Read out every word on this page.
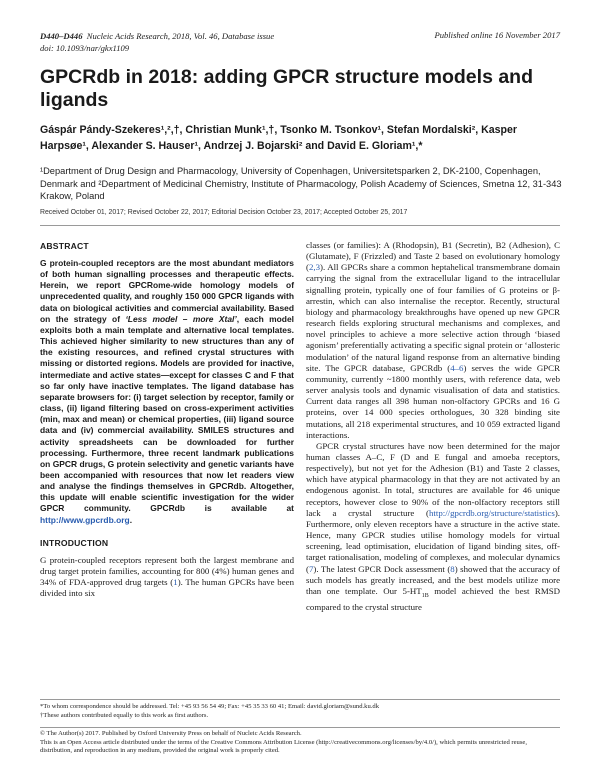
D440–D446 Nucleic Acids Research, 2018, Vol. 46, Database issue
doi: 10.1093/nar/gkx1109
Published online 16 November 2017
GPCRdb in 2018: adding GPCR structure models and ligands
Gáspár Pándy-Szekeres¹,²,†, Christian Munk¹,†, Tsonko M. Tsonkov¹, Stefan Mordalski², Kasper Harpsøe¹, Alexander S. Hauser¹, Andrzej J. Bojarski² and David E. Gloriam¹,*
¹Department of Drug Design and Pharmacology, University of Copenhagen, Universitetsparken 2, DK-2100, Copenhagen, Denmark and ²Department of Medicinal Chemistry, Institute of Pharmacology, Polish Academy of Sciences, Smetna 12, 31-343 Krakow, Poland
Received October 01, 2017; Revised October 22, 2017; Editorial Decision October 23, 2017; Accepted October 25, 2017
ABSTRACT

G protein-coupled receptors are the most abundant mediators of both human signalling processes and therapeutic effects. Herein, we report GPCRome-wide homology models of unprecedented quality, and roughly 150 000 GPCR ligands with data on biological activities and commercial availability. Based on the strategy of ‘Less model – more Xtal’, each model exploits both a main template and alternative local templates. This achieved higher similarity to new structures than any of the existing resources, and refined crystal structures with missing or distorted regions. Models are provided for inactive, intermediate and active states—except for classes C and F that so far only have inactive templates. The ligand database has separate browsers for: (i) target selection by receptor, family or class, (ii) ligand filtering based on cross-experiment activities (min, max and mean) or chemical properties, (iii) ligand source data and (iv) commercial availability. SMILES structures and activity spreadsheets can be downloaded for further processing. Furthermore, three recent landmark publications on GPCR drugs, G protein selectivity and genetic variants have been accompanied with resources that now let readers view and analyse the findings themselves in GPCRdb. Altogether, this update will enable scientific investigation for the wider GPCR community. GPCRdb is available at http://www.gpcrdb.org.

INTRODUCTION

G protein-coupled receptors represent both the largest membrane and drug target protein families, accounting for 800 (4%) human genes and 34% of FDA-approved drug targets (1). The human GPCRs have been divided into six

classes (or families): A (Rhodopsin), B1 (Secretin), B2 (Adhesion), C (Glutamate), F (Frizzled) and Taste 2 based on evolutionary homology (2,3). All GPCRs share a common heptahelical transmembrane domain carrying the signal from the extracellular ligand to the intracellular signalling protein, typically one of four families of G proteins or β-arrestin, which can also internalise the receptor. Recently, structural biology and pharmacology breakthroughs have opened up new GPCR research fields exploring structural mechanisms and complexes, and novel principles to achieve a more selective action through ‘biased agonism’ preferentially activating a specific signal protein or ‘allosteric modulation’ of the natural ligand response from an alternative binding site. The GPCR database, GPCRdb (4–6) serves the wide GPCR community, currently ~1800 monthly users, with reference data, web server analysis tools and dynamic visualisation of data and statistics. Current data ranges all 398 human non-olfactory GPCRs and 16 G proteins, over 14 000 species orthologues, 30 328 binding site mutations, all 218 experimental structures, and 10 059 extracted ligand interactions.

GPCR crystal structures have now been determined for the major human classes A–C, F (D and E fungal and amoeba receptors, respectively), but not yet for the Adhesion (B1) and Taste 2 classes, which have atypical pharmacology in that they are not activated by an endogenous agonist. In total, structures are available for 46 unique receptors, however close to 90% of the non-olfactory receptors still lack a crystal structure (http://gpcrdb.org/structure/statistics). Furthermore, only eleven receptors have a structure in the active state. Hence, many GPCR studies utilise homology models for virtual screening, lead optimisation, elucidation of ligand binding sites, off-target rationalisation, modeling of complexes, and molecular dynamics (7). The latest GPCR Dock assessment (8) showed that the accuracy of such models has greatly increased, and the best models utilize more than one template. Our $5-HT_{1B}$ model achieved the best RMSD compared to the crystal structure

*To whom correspondence should be addressed. Tel: +45 93 56 54 49; Fax: +45 35 33 60 41; Email: david.gloriam@sund.ku.dk
†These authors contributed equally to this work as first authors.
© The Author(s) 2017. Published by Oxford University Press on behalf of Nucleic Acids Research.
This is an Open Access article distributed under the terms of the Creative Commons Attribution License (http://creativecommons.org/licenses/by/4.0/), which permits unrestricted reuse, distribution, and reproduction in any medium, provided the original work is properly cited.
